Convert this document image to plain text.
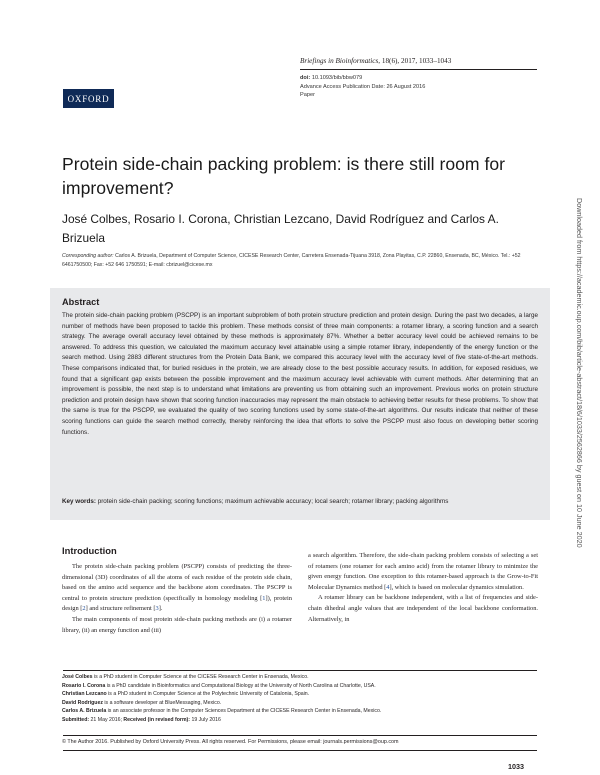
OXFORD
Briefings in Bioinformatics, 18(6), 2017, 1033–1043
doi: 10.1093/bib/bbw079
Advance Access Publication Date: 26 August 2016
Paper
Protein side-chain packing problem: is there still room for improvement?
José Colbes, Rosario I. Corona, Christian Lezcano, David Rodríguez and Carlos A. Brizuela
Corresponding author: Carlos A. Brizuela, Department of Computer Science, CICESE Research Center, Carretera Ensenada-Tijuana 3918, Zona Playitas, C.P. 22860, Ensenada, BC, México. Tel.: +52 6461750500; Fax: +52 646 1750591; E-mail: cbrizuel@cicese.mx
Abstract
The protein side-chain packing problem (PSCPP) is an important subproblem of both protein structure prediction and protein design. During the past two decades, a large number of methods have been proposed to tackle this problem. These methods consist of three main components: a rotamer library, a scoring function and a search strategy. The average overall accuracy level obtained by these methods is approximately 87%. Whether a better accuracy level could be achieved remains to be answered. To address this question, we calculated the maximum accuracy level attainable using a simple rotamer library, independently of the energy function or the search method. Using 2883 different structures from the Protein Data Bank, we compared this accuracy level with the accuracy level of five state-of-the-art methods. These comparisons indicated that, for buried residues in the protein, we are already close to the best possible accuracy results. In addition, for exposed residues, we found that a significant gap exists between the possible improvement and the maximum accuracy level achievable with current methods. After determining that an improvement is possible, the next step is to understand what limitations are preventing us from obtaining such an improvement. Previous works on protein structure prediction and protein design have shown that scoring function inaccuracies may represent the main obstacle to achieving better results for these problems. To show that the same is true for the PSCPP, we evaluated the quality of two scoring functions used by some state-of-the-art algorithms. Our results indicate that neither of these scoring functions can guide the search method correctly, thereby reinforcing the idea that efforts to solve the PSCPP must also focus on developing better scoring functions.
Key words: protein side-chain packing; scoring functions; maximum achievable accuracy; local search; rotamer library; packing algorithms
Introduction

The protein side-chain packing problem (PSCPP) consists of predicting the three-dimensional (3D) coordinates of all the atoms of each residue of the protein side chain, based on the amino acid sequence and the backbone atom coordinates. The PSCPP is central to protein structure prediction (specifically in homology modeling [1]), protein design [2] and structure refinement [3].

The main components of most protein side-chain packing methods are (i) a rotamer library, (ii) an energy function and (iii)

a search algorithm. Therefore, the side-chain packing problem consists of selecting a set of rotamers (one rotamer for each amino acid) from the rotamer library to minimize the given energy function. One exception to this rotamer-based approach is the Grow-to-Fit Molecular Dynamics method [4], which is based on molecular dynamics simulation.

A rotamer library can be backbone independent, with a list of frequencies and side-chain dihedral angle values that are independent of the local backbone conformation. Alternatively, in

José Colbes is a PhD student in Computer Science at the CICESE Research Center in Ensenada, Mexico.

Rosario I. Corona is a PhD candidate in Bioinformatics and Computational Biology at the University of North Carolina at Charlotte, USA.

Christian Lezcano is a PhD student in Computer Science at the Polytechnic University of Catalonia, Spain.

David Rodríguez is a software developer at BlueMessaging, Mexico.

Carlos A. Brizuela is an associate professor in the Computer Sciences Department at the CICESE Research Center in Ensenada, Mexico.

Submitted: 21 May 2016; Received (in revised form): 19 July 2016

© The Author 2016. Published by Oxford University Press. All rights reserved. For Permissions, please email: journals.permissions@oup.com
1033
Downloaded from https://academic.oup.com/bib/article-abstract/18/6/1033/2562866 by guest on 10 June 2020
